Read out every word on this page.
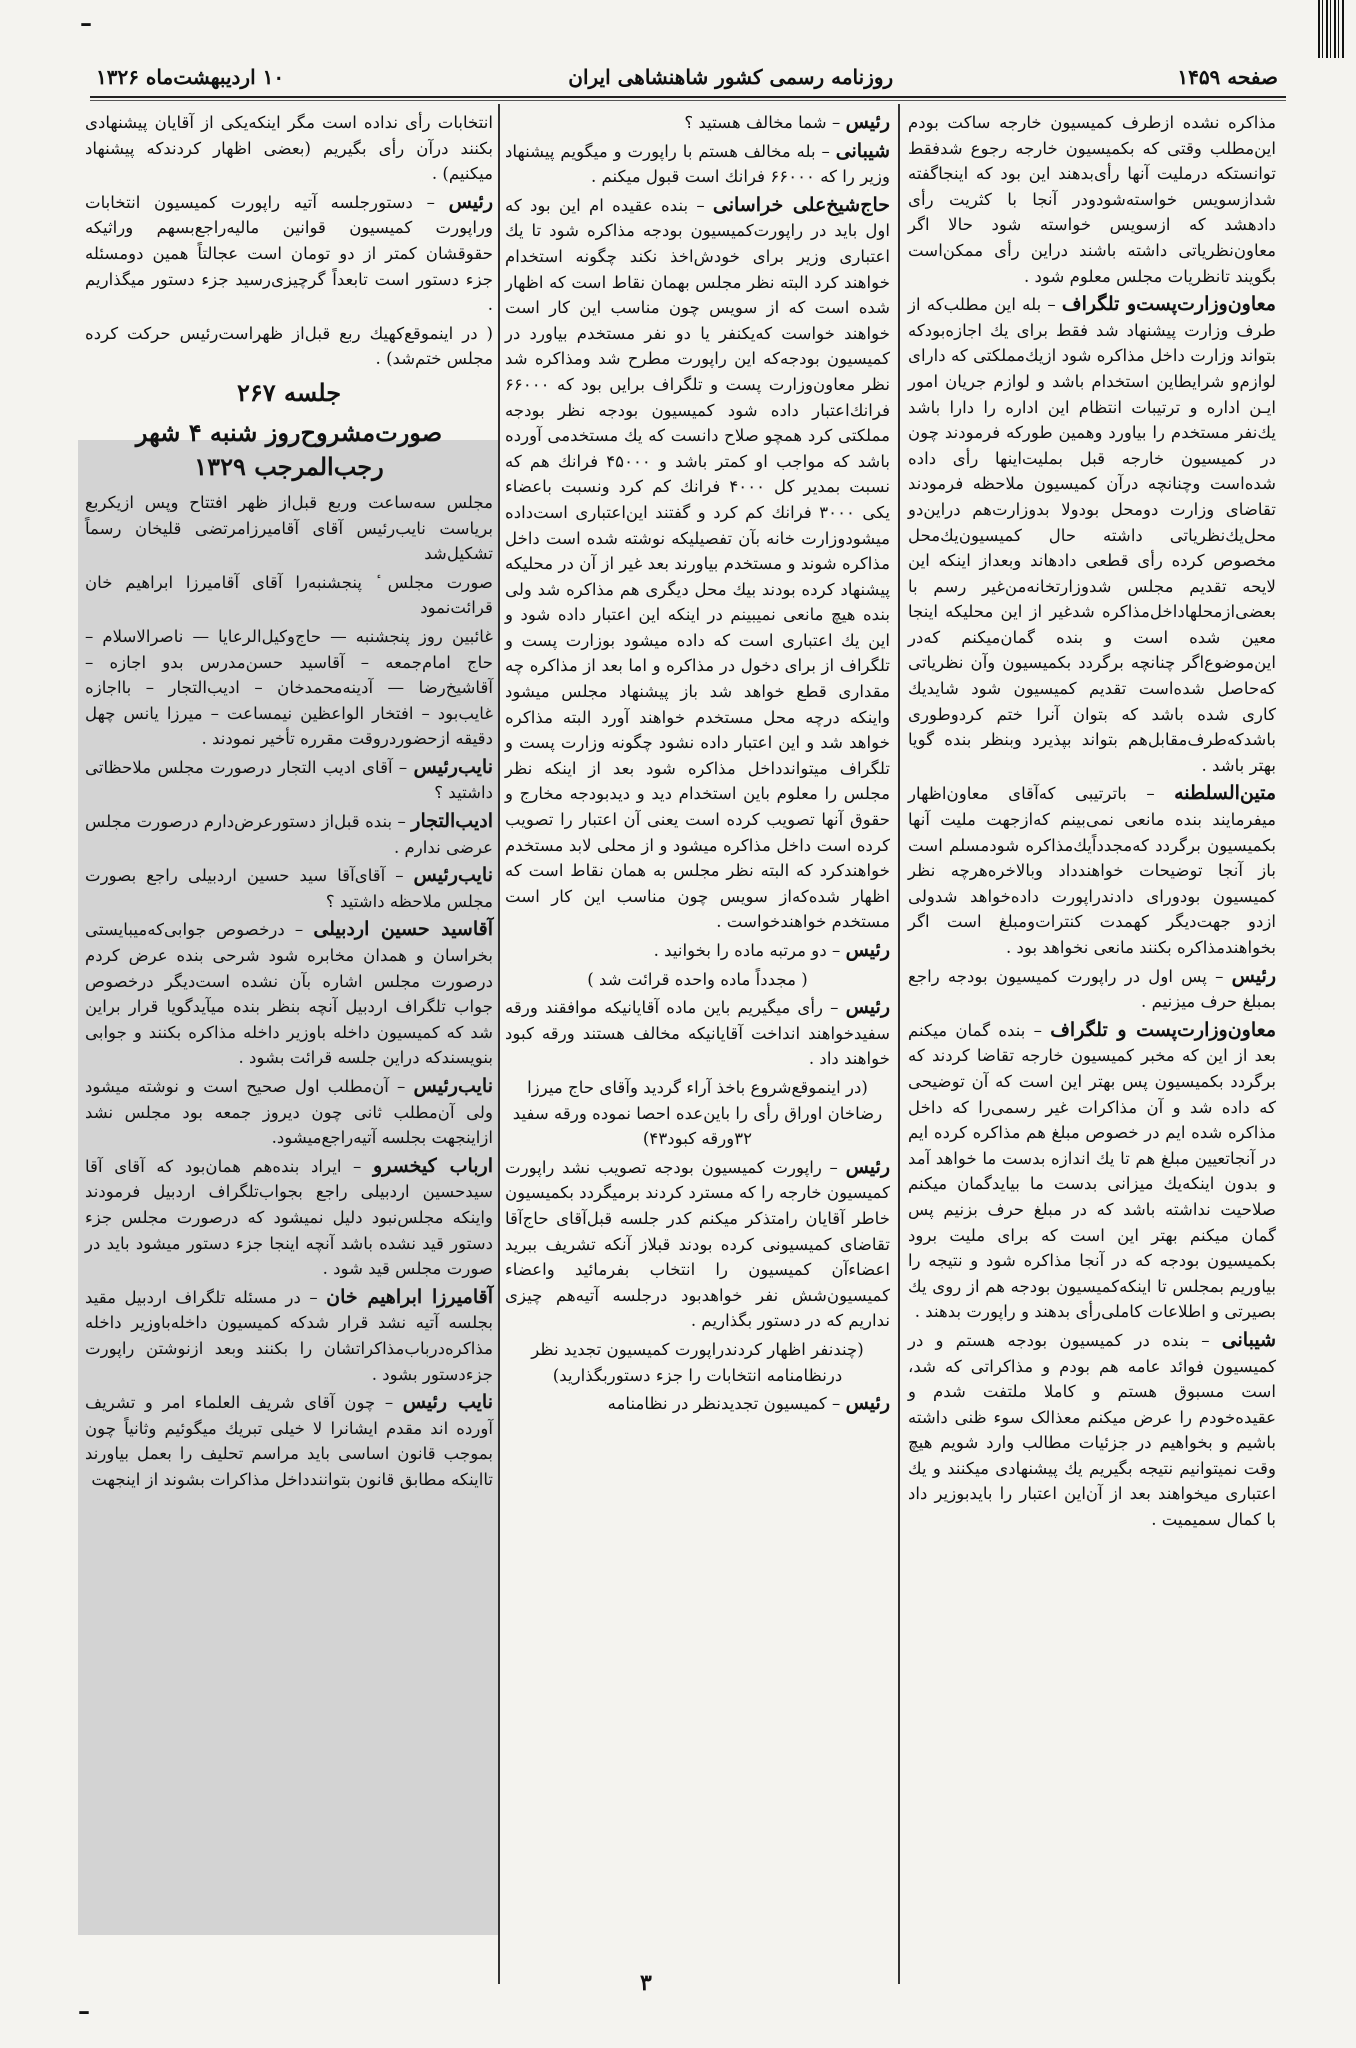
صفحه ۱۴۵۹
روزنامه رسمی کشور شاهنشاهی ایران
۱۰ اردیبهشت‌ماه ۱۳۲۶

مذاکره نشده ازطرف کمیسیون خارجه ساکت بودم این‌مطلب وقتی که بکمیسیون خارجه رجوع شدفقط توانستکه درملیت آنها رأی‌بدهند این بود که اینجاگفته شدازسویس خواسته‌شودودر آنجا با کثریت رأی دادهشد که ازسویس خواسته شود حالا اگر معاون‌نظریاتی داشته باشند دراین رأی ممکن‌است بگویند تانظریات مجلس معلوم شود .

معاون‌وزارت‌پست‌و تلگراف – بله این مطلب‌که از طرف وزارت پیشنهاد شد فقط برای یك اجازه‌بود‌که بتواند وزارت داخل مذاکره شود ازیك‌مملکتی که دارای لوازم‌و شرایطاین استخدام باشد و لوازم جریان امور ایـن اداره و ترتیبات انتظام این اداره را دارا باشد یك‌نفر مستخدم را بیاورد وهمین طورکه فرمودند چون در کمیسیون خارجه قبل بملیت‌اینها رأی داده شده‌است وچنانچه درآن کمیسیون ملاحظه فرمودند تقاضای وزارت دومحل بودولا بدوزارت‌هم دراین‌دو محل‌یك‌نظریاتی داشته حال کمیسیون‌یك‌محل مخصوص کرده رأی قطعی دادهاند وبعداز اینکه این لایحه تقدیم مجلس شدوزارتخانه‌من‌غیر رسم با بعضی‌ازمحلهاداخل‌مذاکره شدغیر از این محلیکه اینجا معین شده است و بنده گمان‌میکنم که‌در این‌موضوع‌اگر چنانچه برگردد بکمیسیون وآن نظریاتی که‌حاصل شده‌است تقدیم کمیسیون شود شایدیك کاری شده باشد که بتوان آنرا ختم کردوطوری باشدکه‌طرف‌مقابل‌هم بتواند بپذیرد وبنظر بنده گویا بهتر باشد .

متین‌السلطنه – باترتیبی که‌آقای معاون‌اظهار میفرمایند بنده مانعی نمی‌بینم که‌ازجهت ملیت آنها بکمیسیون برگردد که‌مجدداً‌یك‌مذاکره شودمسلم است باز آنجا توضیحات خواهندداد وبالاخره‌هرچه نظر کمیسیون بودورای دادندراپورت داده‌خواهد شدولی ازدو جهت‌دیگر کهمدت کنترات‌ومبلغ است اگر بخواهندمذاکره بکنند مانعی نخواهد بود .

رئیس – پس اول در راپورت کمیسیون بودجه راجع بمبلغ حرف میزنیم .

معاون‌وزارت‌پست و تلگراف – بنده گمان میکنم بعد از این که مخبر کمیسیون خارجه تقاضا کردند که برگردد بکمیسیون پس بهتر این است که آن توضیحی که داده شد و آن مذاکرات غیر رسمی‌را که داخل مذاکره شده ایم در خصوص مبلغ هم مذاکره کرده ایم در آنجاتعیین مبلغ هم تا یك اندازه بدست ما خواهد آمد و بدون اینکه‌یك میزانی بدست ما بیاید‌گمان میکنم صلاحیت نداشته باشد که در مبلغ حرف بزنیم پس گمان میکنم بهتر این است که برای ملیت برود بکمیسیون بودجه که در آنجا مذاکره شود و نتیجه را بیاوریم بمجلس تا اینکه‌کمیسیون بودجه هم از روی یك بصیرتی و اطلاعات کاملی‌رأی بدهند و راپورت بدهند .

شیبانی – بنده در کمیسیون بودجه هستم و در کمیسیون فوائد عامه هم بودم و مذاکراتی که شد، است مسبوق هستم و کاملا ملتفت شدم و عقیده‌خودم را عرض میکنم معذالک سوء ظنی داشته باشیم و بخواهیم در جزئیات مطالب وارد شویم هیچ وقت نمیتوانیم نتیجه بگیریم یك پیشنهادی میکنند و یك اعتباری میخواهند بعد از آن‌این اعتبار را بایدبوزیر داد با کمال سمیمیت .

رئیس – شما مخالف هستید ؟

شیبانی – بله مخالف هستم با راپورت و میگویم پیشنهاد وزیر را که ۶۶۰۰۰ فرانك است قبول میکنم .

حاج‌شیخ‌علی خراسانی – بنده عقیده ام این بود که اول باید در راپورت‌کمیسیون بودجه مذاکره شود تا یك اعتباری وزیر برای خودش‌اخذ نکند چگونه استخدام خواهند کرد البته نظر مجلس بهمان نقاط است که اظهار شده است که از سویس چون مناسب این کار است خواهند خواست که‌یکنفر یا دو نفر مستخدم بیاورد در کمیسیون بودجه‌که این راپورت مطرح شد ومذاکره شد نظر معاون‌وزارت پست و تلگراف برایں بود که ۶۶۰۰۰ فرانك‌اعتبار داده شود کمیسیون بودجه نظر بودجه مملکتی کرد همچو صلاح دانست که یك مستخدمی آورده باشد که مواجب او کمتر باشد و ۴۵۰۰۰ فرانك هم که نسبت بمدیر کل ۴۰۰۰ فرانك کم کرد ونسبت باعضاء یکی ۳۰۰۰ فرانك کم کرد و گفتند این‌اعتباری است‌داده میشودوزارت خانه بآن تفصیلیکه نوشته شده است داخل مذاکره شوند و مستخدم بیاورند بعد غیر از آن در محلیکه پیشنهاد کرده بودند بیك محل دیگری هم مذاکره شد ولی بنده هیچ مانعی نمیبینم در اینکه این اعتبار داده شود و این یك اعتباری است که داده میشود بوزارت پست و تلگراف از برای دخول در مذاکره و اما بعد از مذاکره چه مقداری قطع خواهد شد باز پیشنهاد مجلس میشود واینکه درچه محل مستخدم خواهند آورد البته مذاکره خواهد شد و این اعتبار داده نشود چگونه وزارت پست و تلگراف میتواندداخل مذاکره شود بعد از اینکه نظر مجلس را معلوم باین استخدام دید و دیدبودجه مخارج و حقوق آنها تصویب کرده است یعنی آن اعتبار را تصویب کرده است داخل مذاکره میشود و از محلی لابد مستخدم خواهندکرد که البته نظر مجلس به همان نقاط است که اظهار شده‌که‌از سویس چون مناسب این کار است مستخدم خواهندخواست .

رئیس – دو مرتبه ماده را بخوانید .

( مجدداً ماده واحده قرائت شد )

رئیس – رأی میگیریم باین ماده آقایانیکه موافقند ورقه سفیدخواهند انداخت آقایانیکه مخالف هستند ورقه کبود خواهند داد .

(در اینموقع‌شروع باخذ آراء گردید وآقای حاج میرزا رضاخان اوراق رأی را باین‌عده احصا نموده ورقه سفید ۳۲ورقه کبود۴۳)

رئیس – راپورت کمیسیون بودجه تصویب نشد راپورت کمیسیون خارجه را که مسترد کردند برمیگردد بکمیسیون خاطر آقایان رامتذکر میکنم کدر جلسه قبل‌آقای حاج‌آقا تقاضای کمیسیونی کرده بودند قبلا‌ز آنکه تشریف ببرید اعضاءآن کمیسیون را انتخاب بفرمائید واعضاء کمیسیون‌شش نفر خواهدبود درجلسه آتیه‌هم چیزی نداریم که در دستور بگذاریم .

(چندنفر اظهار کردندراپورت کمیسیون تجدید نظر درنظامنامه انتخابات را جزء دستوربگذارید)

رئیس – کمیسیون تجدیدنظر در نظامنامه

انتخابات رأی نداده است مگر اینکه‌یکی از آقایان پیشنهادی بکنند درآن رأی بگیریم (بعضی اظهار کردندکه پیشنهاد میکنیم) .

رئیس – دستور‌جلسه آتیه راپورت کمیسیون انتخابات وراپورت کمیسیون قوانین مالیه‌راجع‌بسهم وراثیکه حقوقشان کمتر از دو تومان است عجالتاً همین دومسئله جزء دستور است تابعداً گرچیزی‌رسید جزء دستور میگذاریم .

( در اینموقع‌کهیك ربع قبل‌از ظهر‌است‌رئیس حرکت کرده مجلس ختم‌شد) .

جلسه ۲۶۷
صورت‌مشروح‌روز شنبه ۴ شهر رجب‌المرجب ۱۳۲۹

مجلس سه‌ساعت وربع قبل‌از ظهر افتتاح وپس ازیکربع بریاست نایب‌رئیس آقای آقامیرزامرتضی قلیخان رسماً تشکیل‌شد

صورت مجلس ٔ پنجشنبه‌را آقای آقامیرزا ابراهیم خان قرائت‌نمود

غائبین روز پنجشنبه — حاج‌وکیل‌الرعایا — ناصرالاسلام – حاج امام‌جمعه – آقاسید حسن‌مدرس بدو اجازه – آقاشیخ‌رضا — آدینه‌محمدخان – ادیب‌التجار – بااجازه غایب‌بود – افتخار الواعظین نیمساعت – میرزا یانس چهل دقیقه ازحضوردروقت مقرره تأخیر نمودند .

نایب‌رئیس – آقای ادیب التجار درصورت مجلس ملاحظاتی داشتید ؟

ادیب‌التجار – بنده قبل‌از دستور‌عرض‌دارم درصورت مجلس عرضی ندارم .

نایب‌رئیس – آقای‌آقا سید حسین اردبیلی راجع بصورت مجلس ملاحظه داشتید ؟

آقاسید حسین اردبیلی – درخصوص جوابی‌که‌میبایستی بخراسان و همدان مخابره شود شرحی بنده عرض کردم درصورت مجلس اشاره بآن نشده است‌دیگر درخصوص جواب تلگراف اردبیل آنچه بنظر بنده میآید‌گویا قرار براین شد که کمیسیون داخله باوزیر داخله مذاکره بکنند و جوابی بنویسندکه دراین جلسه قرائت بشود .

نایب‌رئیس – آن‌مطلب اول صحیح است و نوشته میشود ولی آن‌مطلب ثانی چون دیروز جمعه بود مجلس نشد ازاینجهت بجلسه آتیه‌راجع‌میشود.

ارباب کیخسرو – ایراد بنده‌هم همان‌بود که آقای آقا سید‌حسین اردبیلی راجع بجواب‌تلگراف اردبیل فرمودند واینکه مجلس‌نبود دلیل نمیشود که درصورت مجلس جزء دستور قید نشده باشد آنچه اینجا جزء دستور میشود باید در صورت مجلس قید شود .

آقامیرزا ابراهیم خان – در مسئله تلگراف اردبیل مقید بجلسه آتیه نشد قرار شد‌که کمیسیون داخله‌باوزیر داخله مذاکره‌در‌باب‌مذاکراتشان را بکنند وبعد ازنوشتن راپورت جزءدستور بشود .

نایب رئیس – چون آقای شریف العلماء امر و تشریف آورده اند مقدم ایشانرا لا خیلی تبریك میگوئیم وثانیاً چون بموجب قانون اساسی باید مراسم تحلیف را بعمل بیاورند تااینکه مطابق قانون بتوانندداخل مذاکرات بشوند از اینجهت

۳
–
–
